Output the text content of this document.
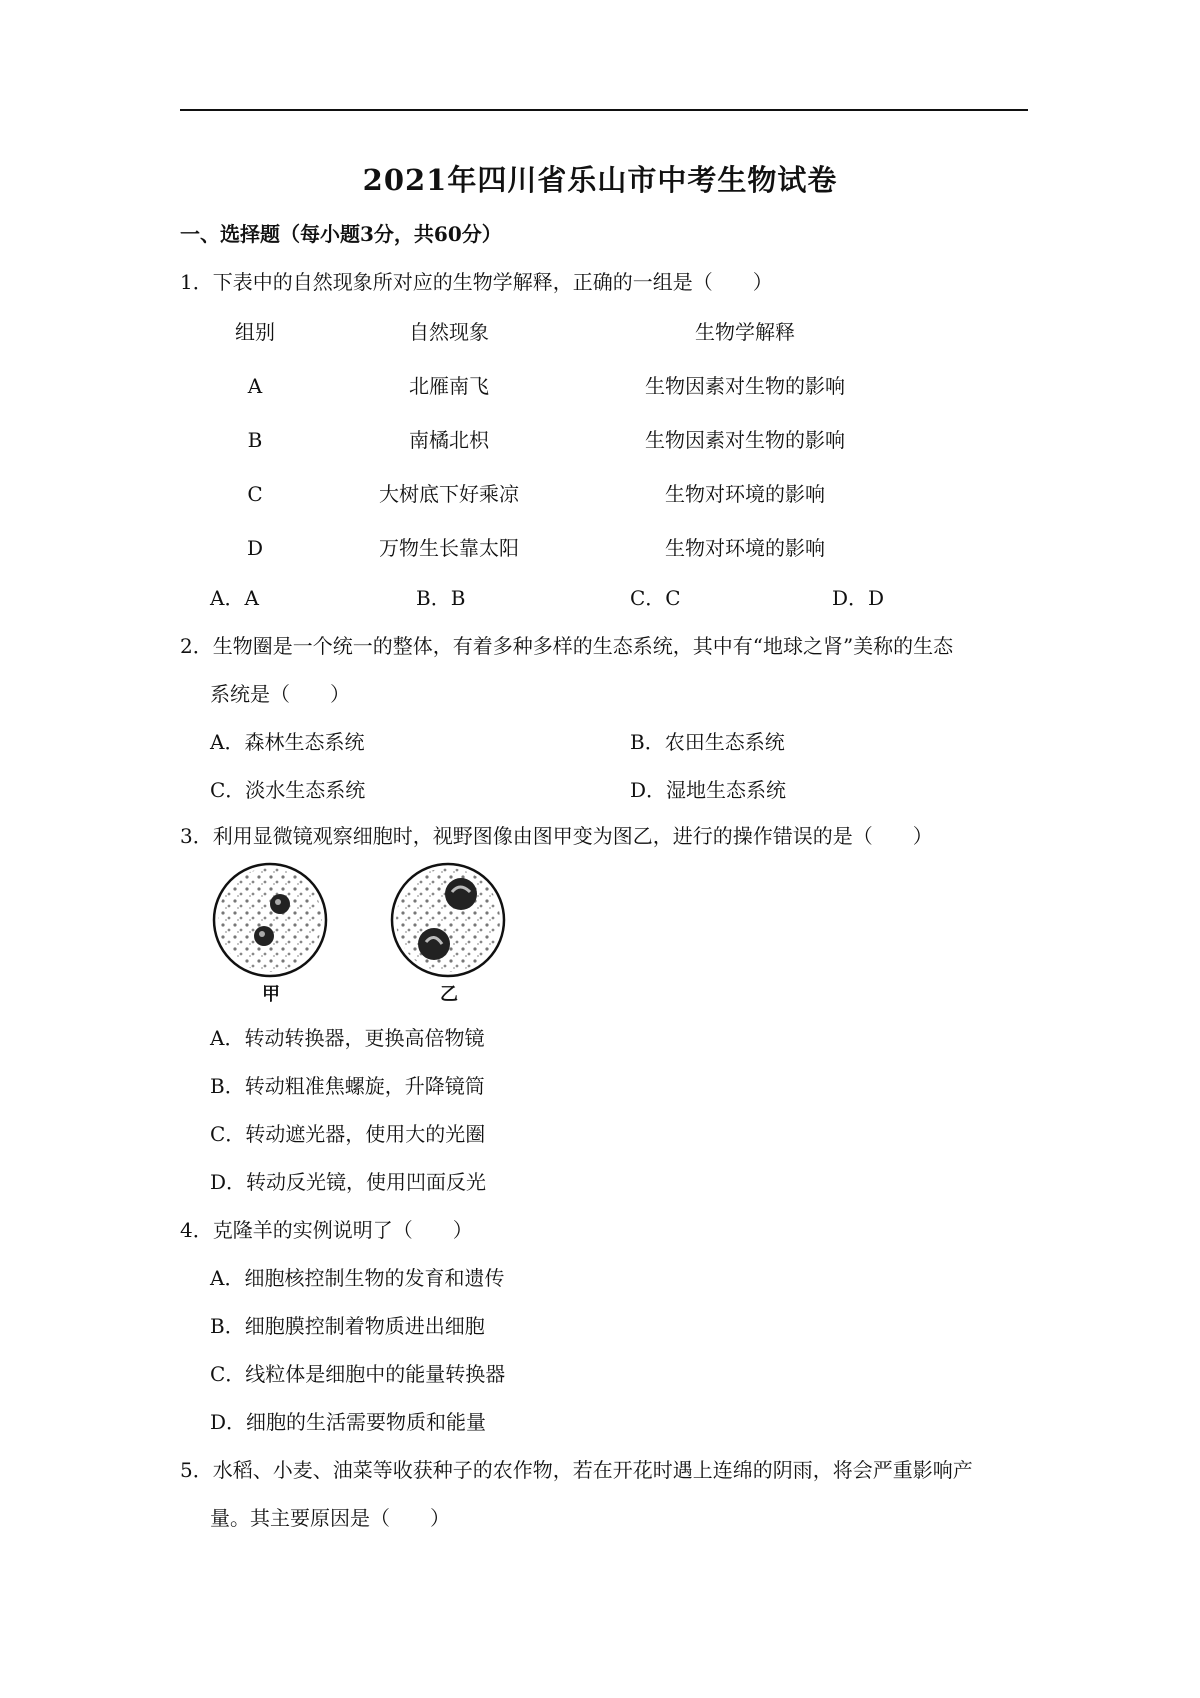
2021年四川省乐山市中考生物试卷
一、选择题（每小题3分，共60分）
1．下表中的自然现象所对应的生物学解释，正确的一组是（　　）
组别	自然现象	生物学解释
A	北雁南飞	生物因素对生物的影响
B	南橘北枳	生物因素对生物的影响
C	大树底下好乘凉	生物对环境的影响
D	万物生长靠太阳	生物对环境的影响
A．A	B．B	C．C	D．D
2．生物圈是一个统一的整体，有着多种多样的生态系统，其中有“地球之肾”美称的生态
系统是（　　）
A．森林生态系统	B．农田生态系统
C．淡水生态系统	D．湿地生态系统
3．利用显微镜观察细胞时，视野图像由图甲变为图乙，进行的操作错误的是（　　）
甲	乙
A．转动转换器，更换高倍物镜
B．转动粗准焦螺旋，升降镜筒
C．转动遮光器，使用大的光圈
D．转动反光镜，使用凹面反光
4．克隆羊的实例说明了（　　）
A．细胞核控制生物的发育和遗传
B．细胞膜控制着物质进出细胞
C．线粒体是细胞中的能量转换器
D．细胞的生活需要物质和能量
5．水稻、小麦、油菜等收获种子的农作物，若在开花时遇上连绵的阴雨，将会严重影响产
量。其主要原因是（　　）
